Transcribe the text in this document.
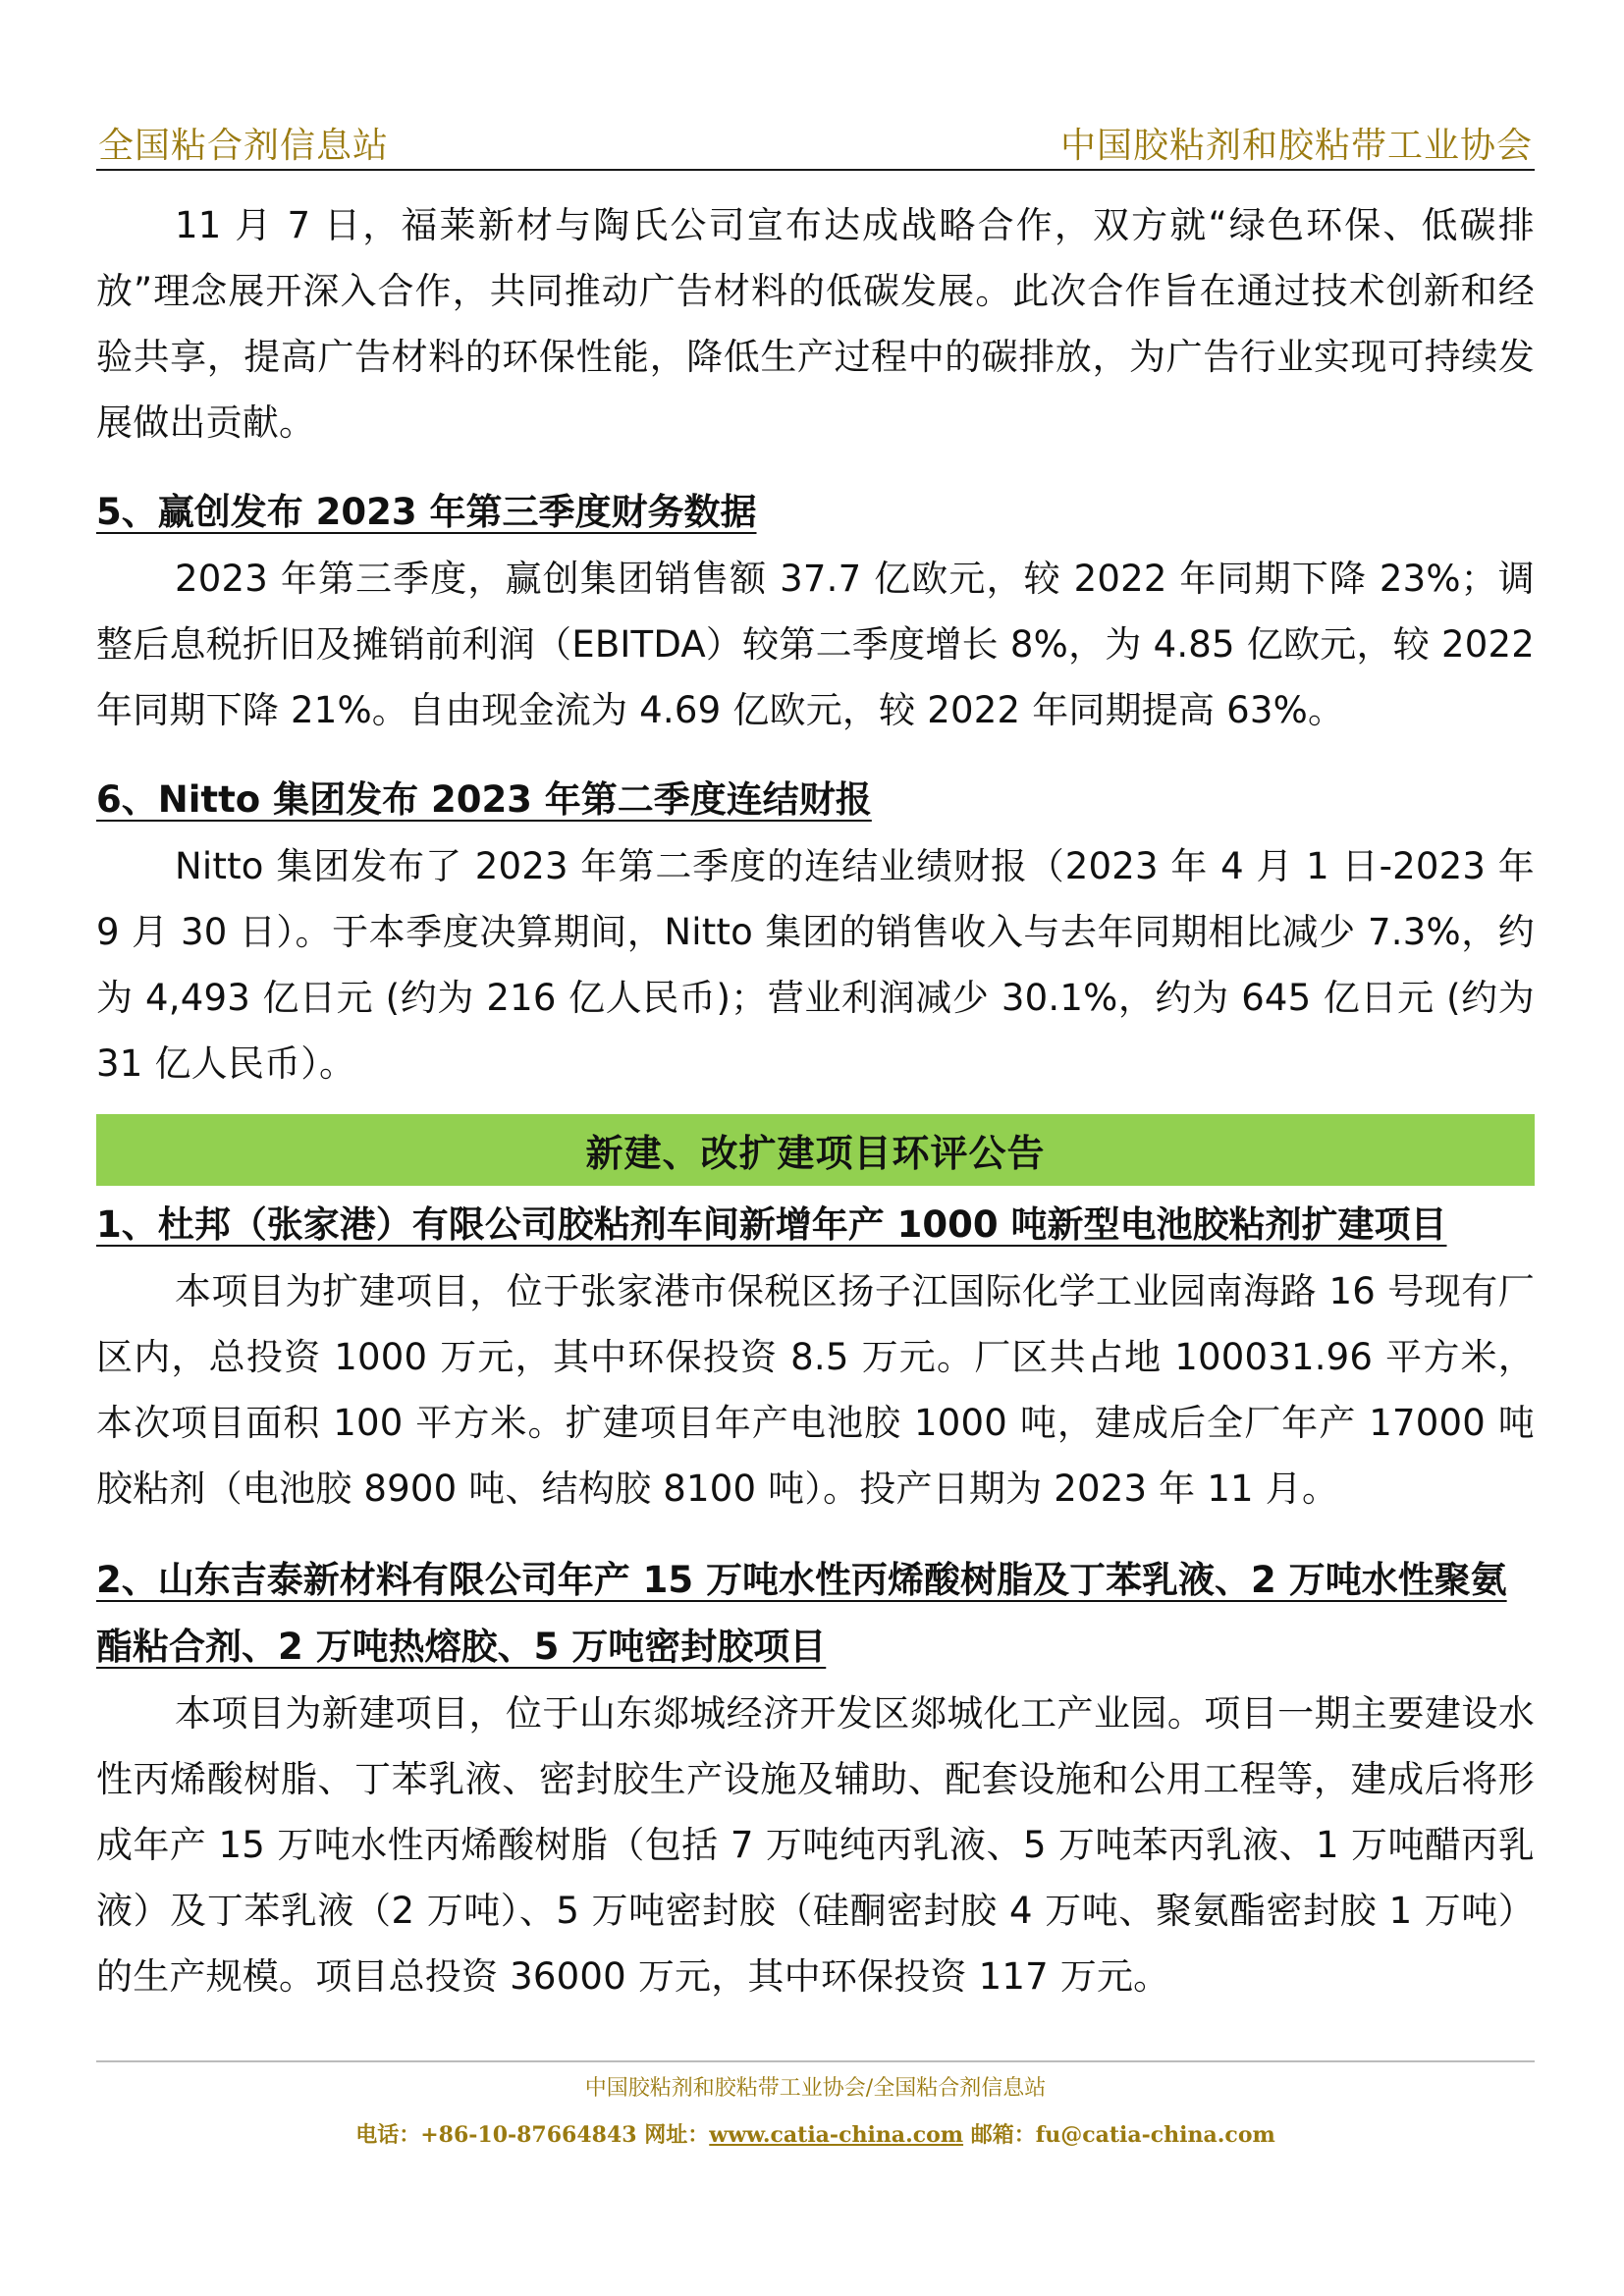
全国粘合剂信息站	中国胶粘剂和胶粘带工业协会

11 月 7 日，福莱新材与陶氏公司宣布达成战略合作，双方就“绿色环保、低碳排放”理念展开深入合作，共同推动广告材料的低碳发展。此次合作旨在通过技术创新和经验共享，提高广告材料的环保性能，降低生产过程中的碳排放，为广告行业实现可持续发展做出贡献。

5、赢创发布 2023 年第三季度财务数据

2023 年第三季度，赢创集团销售额 37.7 亿欧元，较 2022 年同期下降 23%；调整后息税折旧及摊销前利润（EBITDA）较第二季度增长 8%，为 4.85 亿欧元，较 2022 年同期下降 21%。自由现金流为 4.69 亿欧元，较 2022 年同期提高 63%。

6、Nitto 集团发布 2023 年第二季度连结财报

Nitto 集团发布了 2023 年第二季度的连结业绩财报（2023 年 4 月 1 日-2023 年 9 月 30 日）。于本季度决算期间，Nitto 集团的销售收入与去年同期相比减少 7.3%，约为 4,493 亿日元 (约为 216 亿人民币)；营业利润减少 30.1%，约为 645 亿日元 (约为 31 亿人民币）。

新建、改扩建项目环评公告
1、杜邦（张家港）有限公司胶粘剂车间新增年产 1000 吨新型电池胶粘剂扩建项目

本项目为扩建项目，位于张家港市保税区扬子江国际化学工业园南海路 16 号现有厂区内，总投资 1000 万元，其中环保投资 8.5 万元。厂区共占地 100031.96 平方米，本次项目面积 100 平方米。扩建项目年产电池胶 1000 吨，建成后全厂年产 17000 吨胶粘剂（电池胶 8900 吨、结构胶 8100 吨）。投产日期为 2023 年 11 月。

2、山东吉泰新材料有限公司年产 15 万吨水性丙烯酸树脂及丁苯乳液、2 万吨水性聚氨酯粘合剂、2 万吨热熔胶、5 万吨密封胶项目

本项目为新建项目，位于山东郯城经济开发区郯城化工产业园。项目一期主要建设水性丙烯酸树脂、丁苯乳液、密封胶生产设施及辅助、配套设施和公用工程等，建成后将形成年产 15 万吨水性丙烯酸树脂（包括 7 万吨纯丙乳液、5 万吨苯丙乳液、1 万吨醋丙乳液）及丁苯乳液（2 万吨）、5 万吨密封胶（硅酮密封胶 4 万吨、聚氨酯密封胶 1 万吨）的生产规模。项目总投资 36000 万元，其中环保投资 117 万元。

中国胶粘剂和胶粘带工业协会/全国粘合剂信息站
电话：+86-10-87664843 网址：www.catia-china.com 邮箱：fu@catia-china.com
